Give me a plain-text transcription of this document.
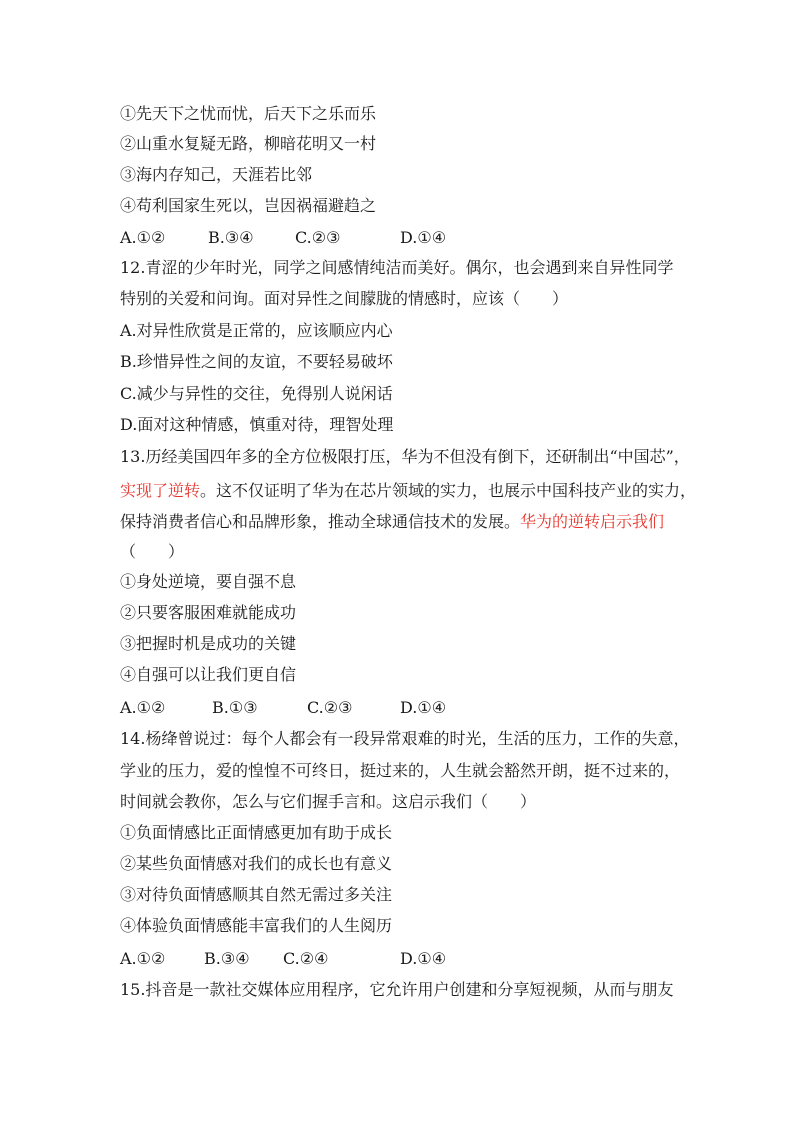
①先天下之忧而忧，后天下之乐而乐
②山重水复疑无路，柳暗花明又一村
③海内存知己，天涯若比邻
④苟利国家生死以，岂因祸福避趋之
A.①②	B.③④	C.②③	D.①④
12.青涩的少年时光，同学之间感情纯洁而美好。偶尔，也会遇到来自异性同学
特别的关爱和问询。面对异性之间朦胧的情感时，应该（　　）
A.对异性欣赏是正常的，应该顺应内心
B.珍惜异性之间的友谊，不要轻易破坏
C.减少与异性的交往，免得别人说闲话
D.面对这种情感，慎重对待，理智处理
13.历经美国四年多的全方位极限打压，华为不但没有倒下，还研制出“中国芯”，
实现了逆转。这不仅证明了华为在芯片领域的实力，也展示中国科技产业的实力，
保持消费者信心和品牌形象，推动全球通信技术的发展。华为的逆转启示我们
（　　）
①身处逆境，要自强不息
②只要客服困难就能成功
③把握时机是成功的关键
④自强可以让我们更自信
A.①②	B.①③	C.②③	D.①④
14.杨绛曾说过：每个人都会有一段异常艰难的时光，生活的压力，工作的失意，
学业的压力，爱的惶惶不可终日，挺过来的，人生就会豁然开朗，挺不过来的，
时间就会教你，怎么与它们握手言和。这启示我们（　　）
①负面情感比正面情感更加有助于成长
②某些负面情感对我们的成长也有意义
③对待负面情感顺其自然无需过多关注
④体验负面情感能丰富我们的人生阅历
A.①② B.③④ C.②④	D.①④
15.抖音是一款社交媒体应用程序，它允许用户创建和分享短视频，从而与朋友
